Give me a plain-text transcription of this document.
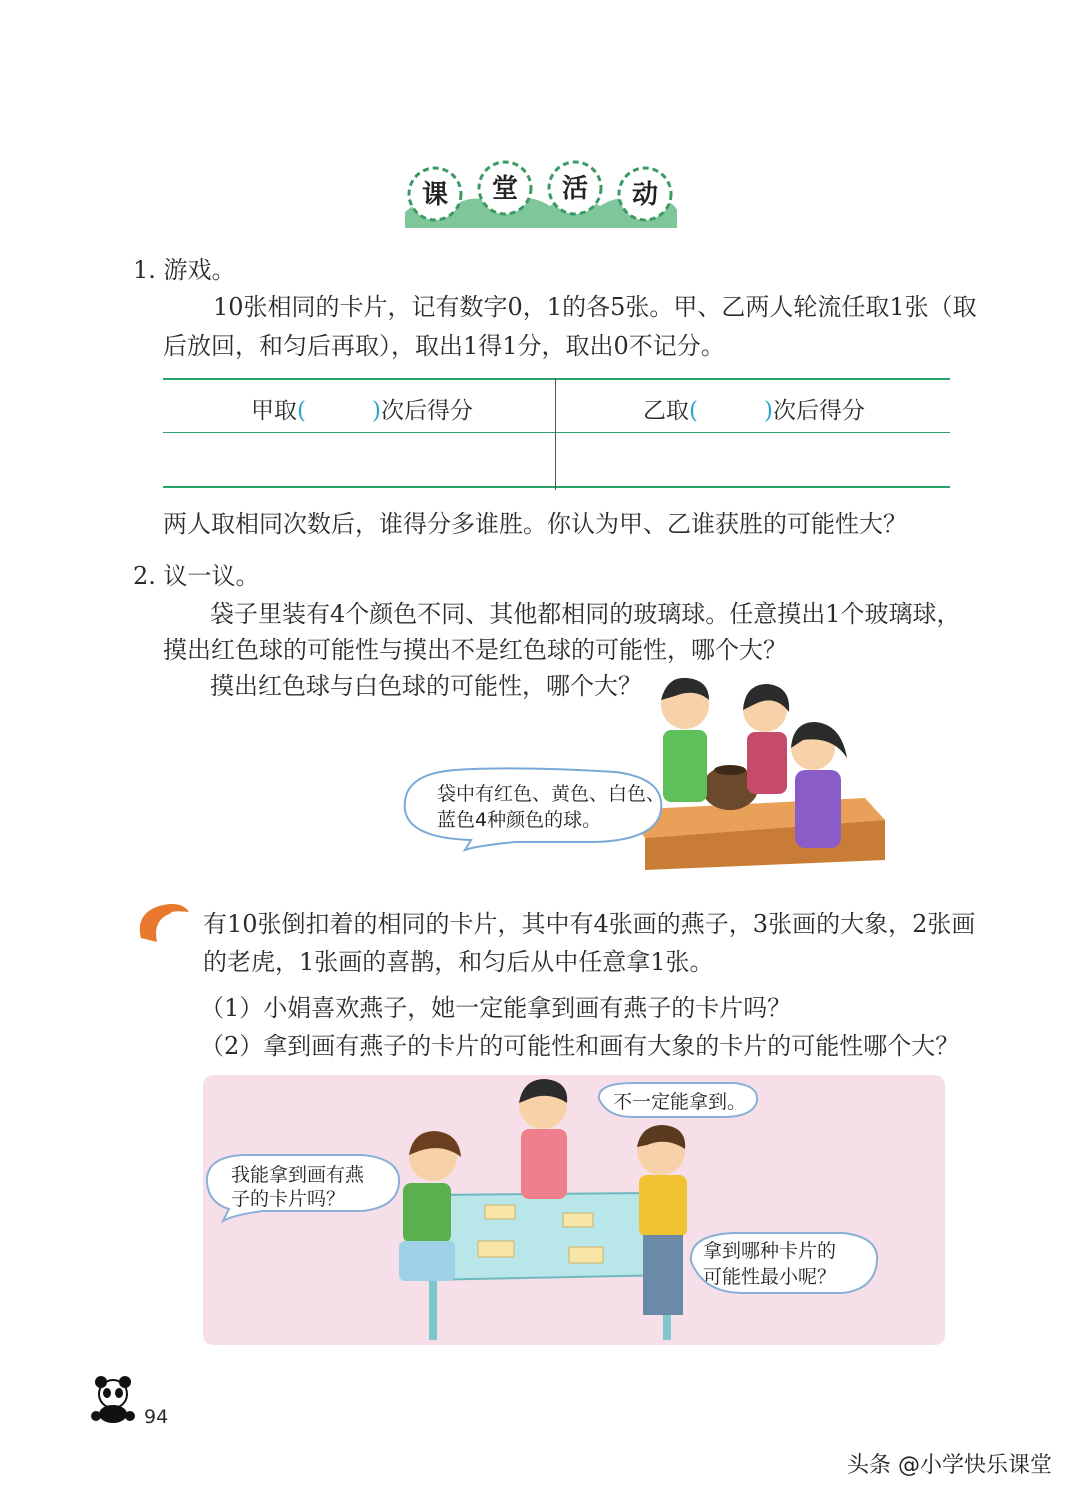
课 堂 活 动
1. 游戏。
10张相同的卡片，记有数字0，1的各5张。甲、乙两人轮流任取1张（取
后放回，和匀后再取），取出1得1分，取出0不记分。
甲取(	)次后得分	乙取(	)次后得分
两人取相同次数后，谁得分多谁胜。你认为甲、乙谁获胜的可能性大？
2. 议一议。
袋子里装有4个颜色不同、其他都相同的玻璃球。任意摸出1个玻璃球，
摸出红色球的可能性与摸出不是红色球的可能性，哪个大？
摸出红色球与白色球的可能性，哪个大？
袋中有红色、黄色、白色、
蓝色4种颜色的球。
3 有10张倒扣着的相同的卡片，其中有4张画的燕子，3张画的大象，2张画
的老虎，1张画的喜鹊，和匀后从中任意拿1张。
（1）小娟喜欢燕子，她一定能拿到画有燕子的卡片吗？
（2）拿到画有燕子的卡片的可能性和画有大象的卡片的可能性哪个大？
不一定能拿到。
我能拿到画有燕
子的卡片吗？
拿到哪种卡片的
可能性最小呢？
94
头条 @小学快乐课堂
